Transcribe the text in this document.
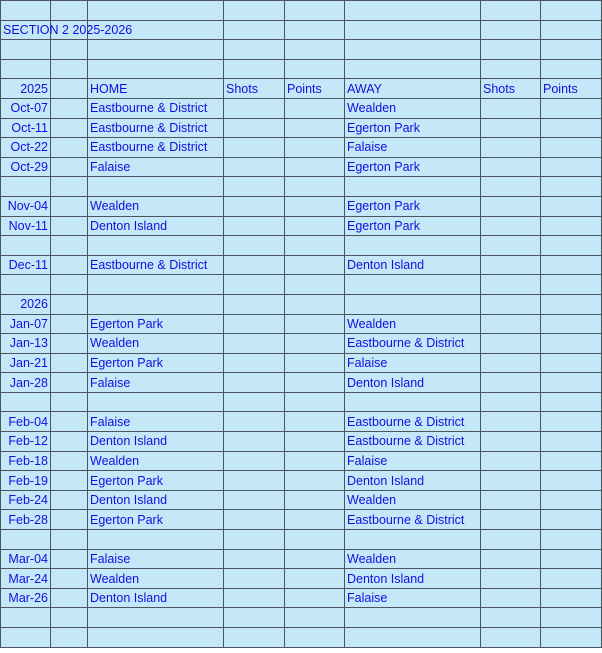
SECTION 2 2025-2026							

2025		HOME	Shots	Points	AWAY	Shots	Points
Oct-07		Eastbourne & District			Wealden		
Oct-11		Eastbourne & District			Egerton Park		
Oct-22		Eastbourne & District			Falaise		
Oct-29		Falaise			Egerton Park		

Nov-04		Wealden			Egerton Park		
Nov-11		Denton Island			Egerton Park		

Dec-11		Eastbourne & District			Denton Island		

2026							
Jan-07		Egerton Park			Wealden		
Jan-13		Wealden			Eastbourne & District		
Jan-21		Egerton Park			Falaise		
Jan-28		Falaise			Denton Island		

Feb-04		Falaise			Eastbourne & District		
Feb-12		Denton Island			Eastbourne & District		
Feb-18		Wealden			Falaise		
Feb-19		Egerton Park			Denton Island		
Feb-24		Denton Island			Wealden		
Feb-28		Egerton Park			Eastbourne & District		

Mar-04		Falaise			Wealden		
Mar-24		Wealden			Denton Island		
Mar-26		Denton Island			Falaise		
